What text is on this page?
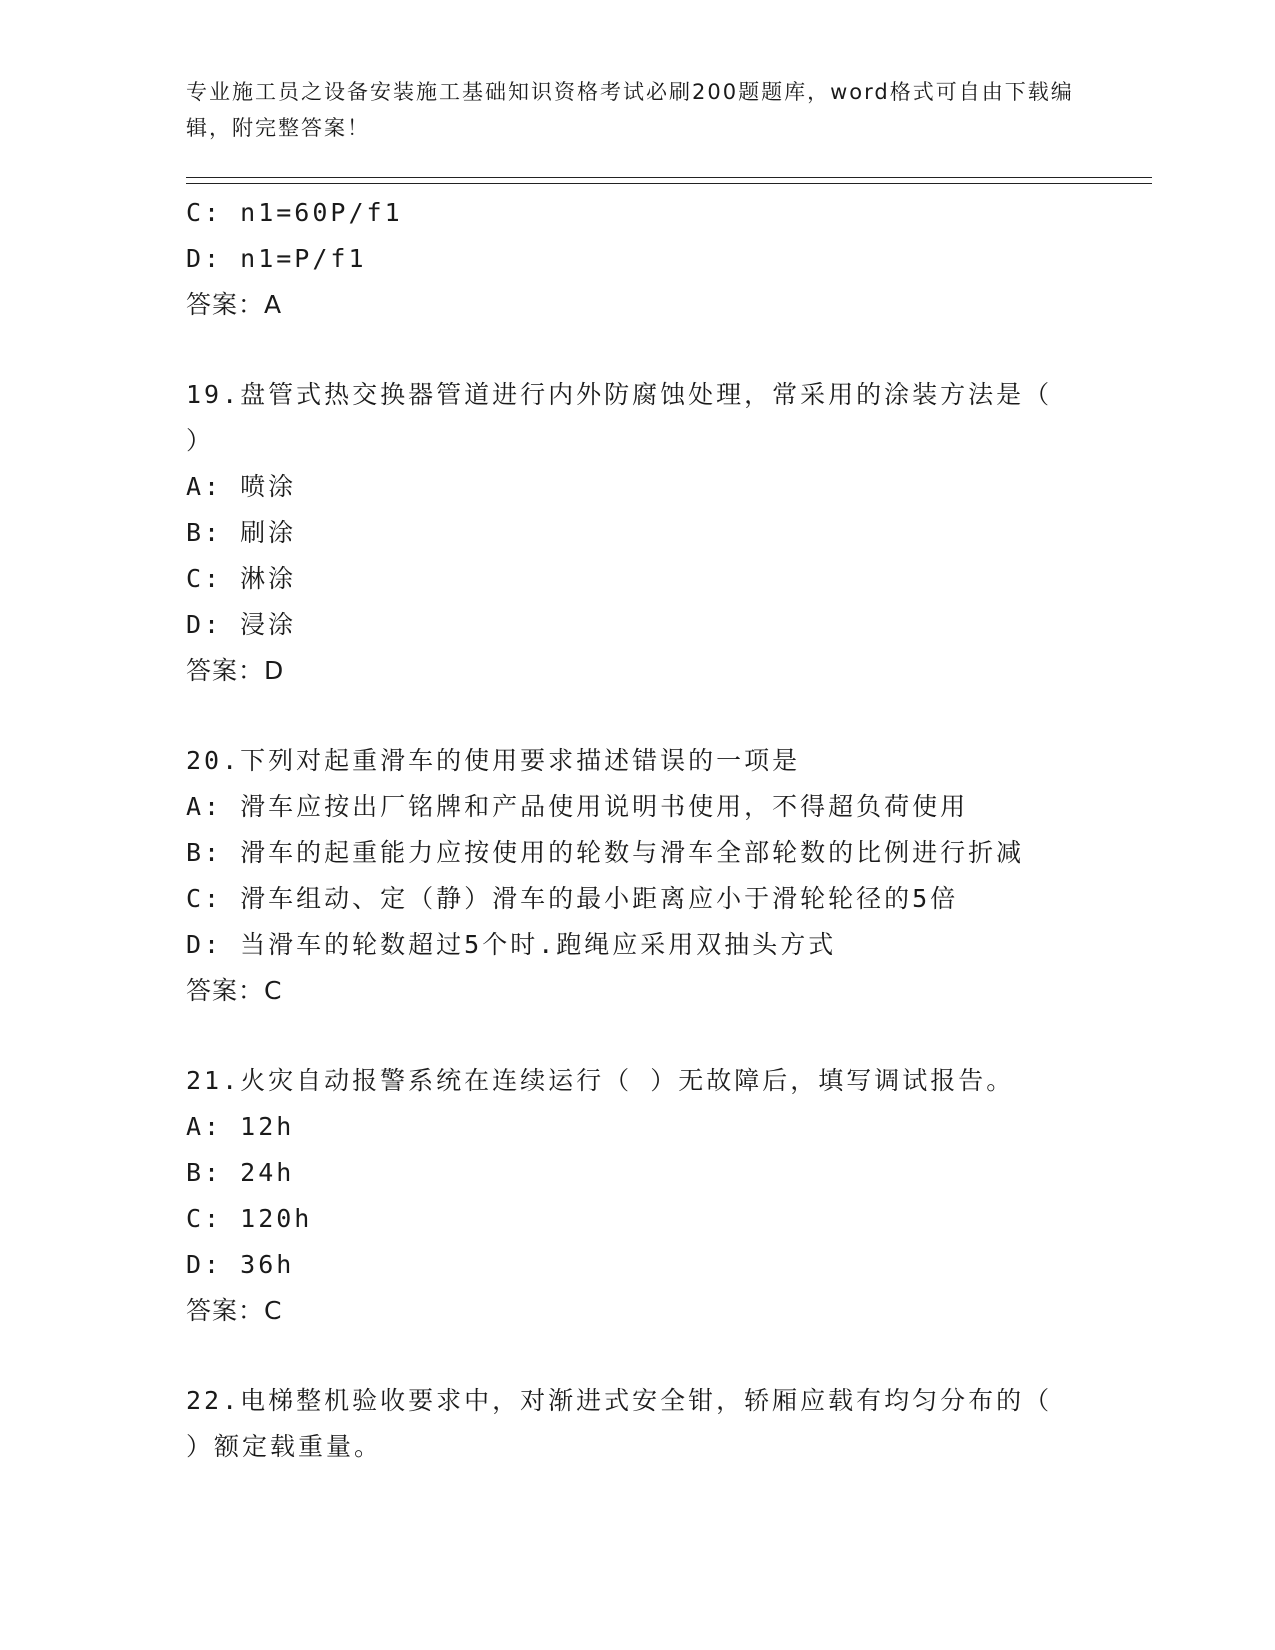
专业施工员之设备安装施工基础知识资格考试必刷200题题库，word格式可自由下载编辑，附完整答案！
C: n1=60P/f1
D: n1=P/f1
答案：A
19.盘管式热交换器管道进行内外防腐蚀处理，常采用的涂装方法是（
）
A: 喷涂
B: 刷涂
C: 淋涂
D: 浸涂
答案：D
20.下列对起重滑车的使用要求描述错误的一项是
A: 滑车应按出厂铭牌和产品使用说明书使用，不得超负荷使用
B: 滑车的起重能力应按使用的轮数与滑车全部轮数的比例进行折减
C: 滑车组动、定（静）滑车的最小距离应小于滑轮轮径的5倍
D: 当滑车的轮数超过5个时.跑绳应采用双抽头方式
答案：C
21.火灾自动报警系统在连续运行（ ）无故障后，填写调试报告。
A: 12h
B: 24h
C: 120h
D: 36h
答案：C
22.电梯整机验收要求中，对渐进式安全钳，轿厢应载有均匀分布的（
）额定载重量。
